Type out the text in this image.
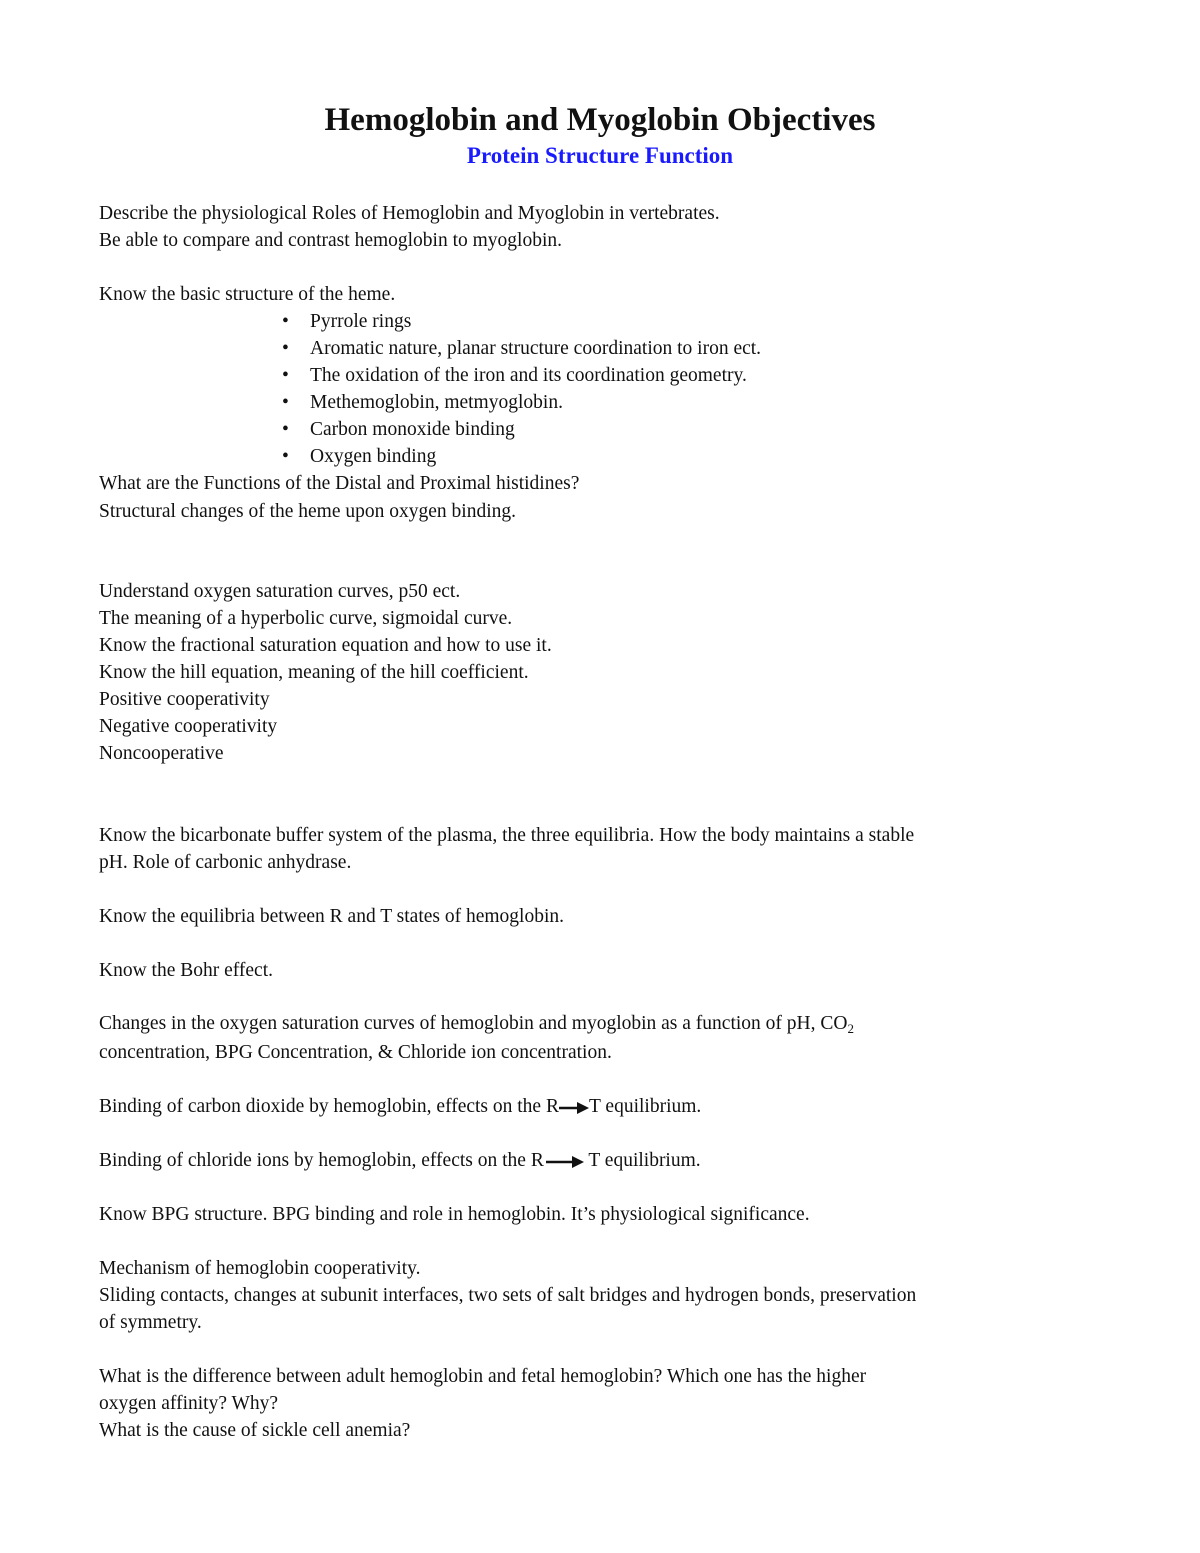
Hemoglobin and Myoglobin Objectives
Protein Structure Function
Describe the physiological Roles of Hemoglobin and Myoglobin in vertebrates.
Be able to compare and contrast hemoglobin to myoglobin.
Know the basic structure of the heme.
• Pyrrole rings
• Aromatic nature, planar structure coordination to iron ect.
• The oxidation of the iron and its coordination geometry.
• Methemoglobin, metmyoglobin.
• Carbon monoxide binding
• Oxygen binding
What are the Functions of the Distal and Proximal histidines?
Structural changes of the heme upon oxygen binding.
Understand oxygen saturation curves, p50 ect.
The meaning of a hyperbolic curve, sigmoidal curve.
Know the fractional saturation equation and how to use it.
Know the hill equation, meaning of the hill coefficient.
Positive cooperativity
Negative cooperativity
Noncooperative
Know the bicarbonate buffer system of the plasma, the three equilibria. How the body maintains a stable
pH. Role of carbonic anhydrase.
Know the equilibria between R and T states of hemoglobin.
Know the Bohr effect.
Changes in the oxygen saturation curves of hemoglobin and myoglobin as a function of pH, $CO_2$
concentration, BPG Concentration, & Chloride ion concentration.
Binding of carbon dioxide by hemoglobin, effects on the R T equilibrium.
Binding of chloride ions by hemoglobin, effects on the R T equilibrium.
Know BPG structure. BPG binding and role in hemoglobin. It’s physiological significance.
Mechanism of hemoglobin cooperativity.
Sliding contacts, changes at subunit interfaces, two sets of salt bridges and hydrogen bonds, preservation
of symmetry.
What is the difference between adult hemoglobin and fetal hemoglobin? Which one has the higher
oxygen affinity? Why?
What is the cause of sickle cell anemia?
